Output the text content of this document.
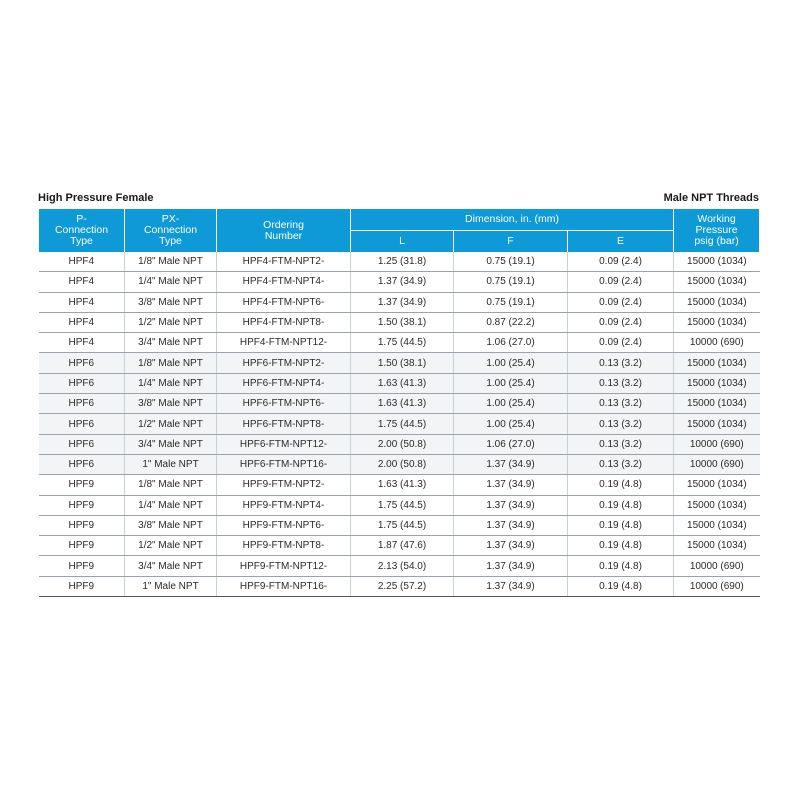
High Pressure Female	Male NPT Threads
P-
Connection
Type	PX-
Connection
Type	Ordering
Number	Dimension, in. (mm)			Working
Pressure
psig (bar)
			L	F	E	
HPF4	1/8" Male NPT	HPF4-FTM-NPT2-	1.25 (31.8)	0.75 (19.1)	0.09 (2.4)	15000 (1034)
HPF4	1/4" Male NPT	HPF4-FTM-NPT4-	1.37 (34.9)	0.75 (19.1)	0.09 (2.4)	15000 (1034)
HPF4	3/8" Male NPT	HPF4-FTM-NPT6-	1.37 (34.9)	0.75 (19.1)	0.09 (2.4)	15000 (1034)
HPF4	1/2" Male NPT	HPF4-FTM-NPT8-	1.50 (38.1)	0.87 (22.2)	0.09 (2.4)	15000 (1034)
HPF4	3/4" Male NPT	HPF4-FTM-NPT12-	1.75 (44.5)	1.06 (27.0)	0.09 (2.4)	10000 (690)
HPF6	1/8" Male NPT	HPF6-FTM-NPT2-	1.50 (38.1)	1.00 (25.4)	0.13 (3.2)	15000 (1034)
HPF6	1/4" Male NPT	HPF6-FTM-NPT4-	1.63 (41.3)	1.00 (25.4)	0.13 (3.2)	15000 (1034)
HPF6	3/8" Male NPT	HPF6-FTM-NPT6-	1.63 (41.3)	1.00 (25.4)	0.13 (3.2)	15000 (1034)
HPF6	1/2" Male NPT	HPF6-FTM-NPT8-	1.75 (44.5)	1.00 (25.4)	0.13 (3.2)	15000 (1034)
HPF6	3/4" Male NPT	HPF6-FTM-NPT12-	2.00 (50.8)	1.06 (27.0)	0.13 (3.2)	10000 (690)
HPF6	1" Male NPT	HPF6-FTM-NPT16-	2.00 (50.8)	1.37 (34.9)	0.13 (3.2)	10000 (690)
HPF9	1/8" Male NPT	HPF9-FTM-NPT2-	1.63 (41.3)	1.37 (34.9)	0.19 (4.8)	15000 (1034)
HPF9	1/4" Male NPT	HPF9-FTM-NPT4-	1.75 (44.5)	1.37 (34.9)	0.19 (4.8)	15000 (1034)
HPF9	3/8" Male NPT	HPF9-FTM-NPT6-	1.75 (44.5)	1.37 (34.9)	0.19 (4.8)	15000 (1034)
HPF9	1/2" Male NPT	HPF9-FTM-NPT8-	1.87 (47.6)	1.37 (34.9)	0.19 (4.8)	15000 (1034)
HPF9	3/4" Male NPT	HPF9-FTM-NPT12-	2.13 (54.0)	1.37 (34.9)	0.19 (4.8)	10000 (690)
HPF9	1" Male NPT	HPF9-FTM-NPT16-	2.25 (57.2)	1.37 (34.9)	0.19 (4.8)	10000 (690)
